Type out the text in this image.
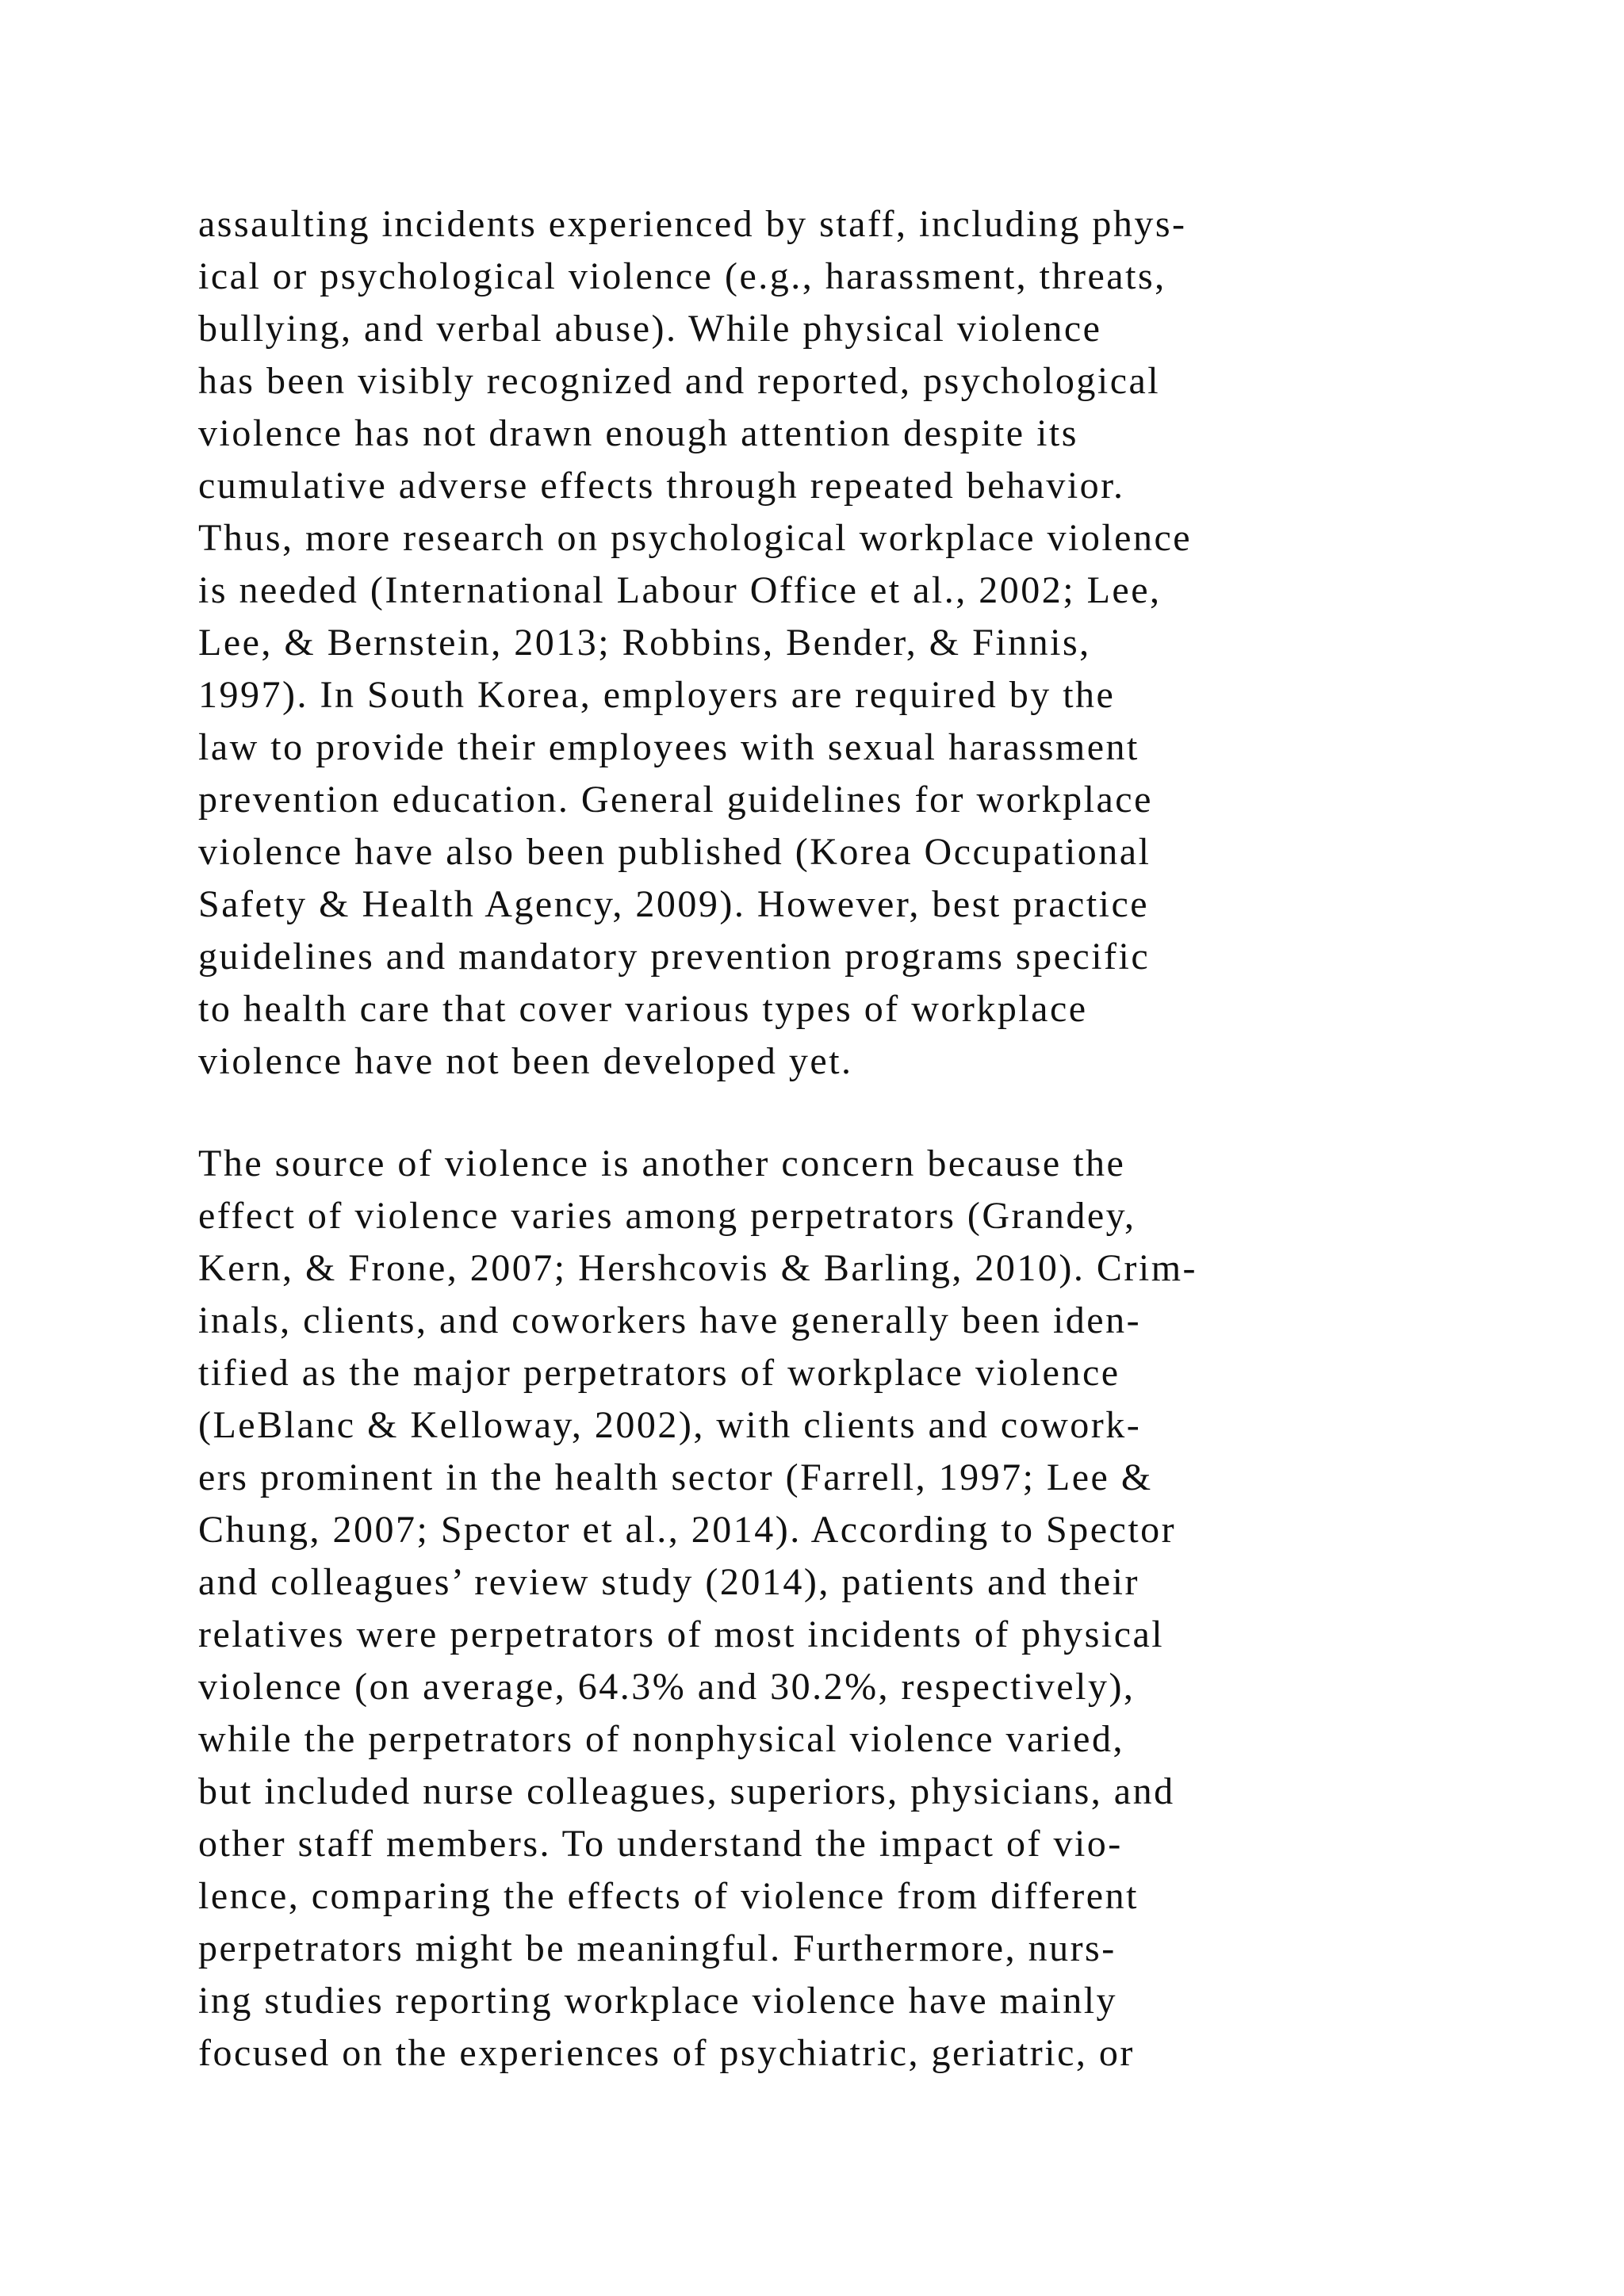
assaulting incidents experienced by staff, including phys-
ical or psychological violence (e.g., harassment, threats,
bullying, and verbal abuse). While physical violence
has been visibly recognized and reported, psychological
violence has not drawn enough attention despite its
cumulative adverse effects through repeated behavior.
Thus, more research on psychological workplace violence
is needed (International Labour Office et al., 2002; Lee,
Lee, & Bernstein, 2013; Robbins, Bender, & Finnis,
1997). In South Korea, employers are required by the
law to provide their employees with sexual harassment
prevention education. General guidelines for workplace
violence have also been published (Korea Occupational
Safety & Health Agency, 2009). However, best practice
guidelines and mandatory prevention programs specific
to health care that cover various types of workplace
violence have not been developed yet.
The source of violence is another concern because the
effect of violence varies among perpetrators (Grandey,
Kern, & Frone, 2007; Hershcovis & Barling, 2010). Crim-
inals, clients, and coworkers have generally been iden-
tified as the major perpetrators of workplace violence
(LeBlanc & Kelloway, 2002), with clients and cowork-
ers prominent in the health sector (Farrell, 1997; Lee &
Chung, 2007; Spector et al., 2014). According to Spector
and colleagues’ review study (2014), patients and their
relatives were perpetrators of most incidents of physical
violence (on average, 64.3% and 30.2%, respectively),
while the perpetrators of nonphysical violence varied,
but included nurse colleagues, superiors, physicians, and
other staff members. To understand the impact of vio-
lence, comparing the effects of violence from different
perpetrators might be meaningful. Furthermore, nurs-
ing studies reporting workplace violence have mainly
focused on the experiences of psychiatric, geriatric, or
